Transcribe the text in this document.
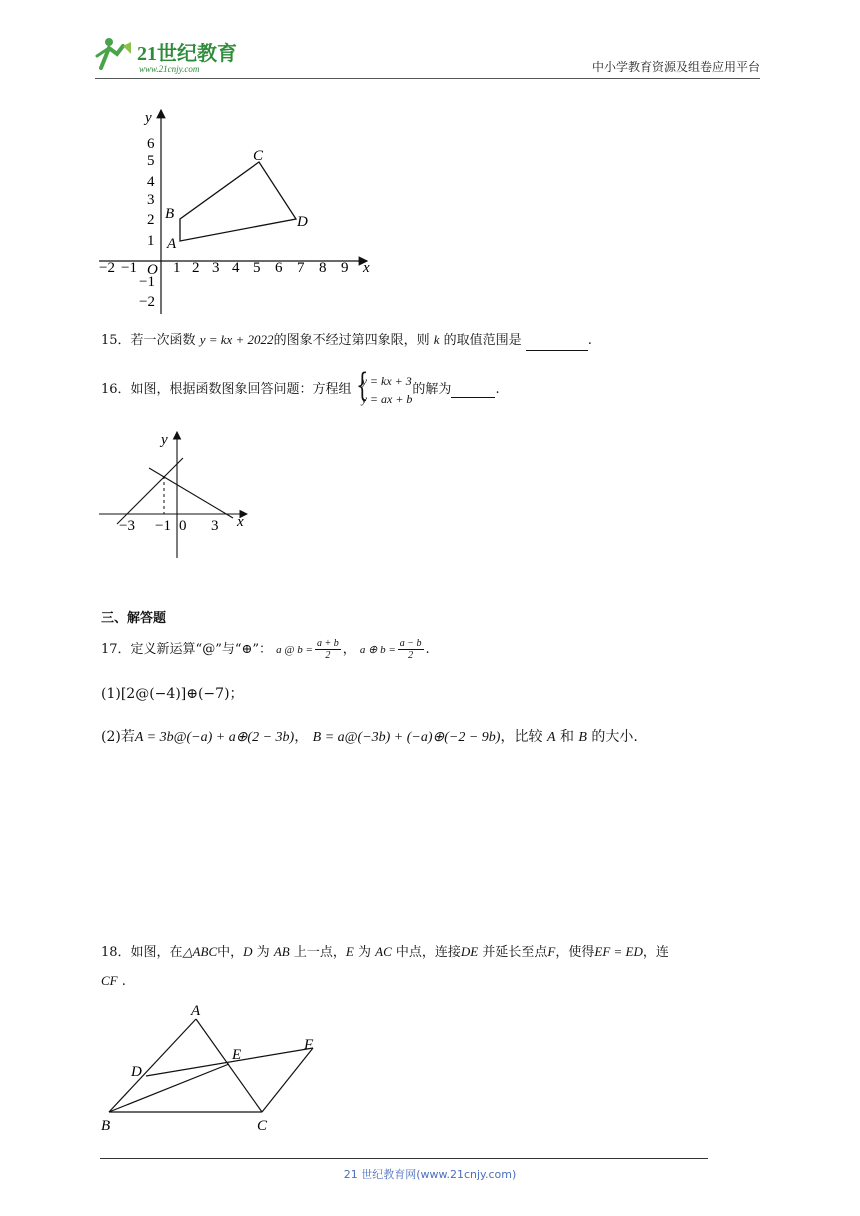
21世纪教育
www.21cnjy.com	中小学教育资源及组卷应用平台
y
x
O
6
5
4
3
2
1
−1
−2
−2 −1 1 2 3 4 5 6 7 8 9
A
B
C
D
15．若一次函数 y = kx + 2022的图象不经过第四象限，则 k 的取值范围是	.
16．如图，根据函数图象回答问题：方程组 {
y = kx + 3
y = ax + b
的解为	.
y
x
−3 −1 0 3
三、解答题
17．定义新运算“@”与“⊕”： a @ $b = \frac{a + b}{2}$ ， a ⊕ $b = \frac{a - b}{2}$ .
(1)[2@(−4)]⊕(−7)；
(2)若A = 3b@(−a) + a⊕(2 − 3b)， B = a@(−3b) + (−a)⊕(−2 − 9b)，比较 A 和 B 的大小.
18．如图，在△ABC中，D 为 AB 上一点，E 为 AC 中点，连接DE 并延长至点F，使得EF = ED，连
CF .
A
B	C
D
E
F
21 世纪教育网(www.21cnjy.com)
